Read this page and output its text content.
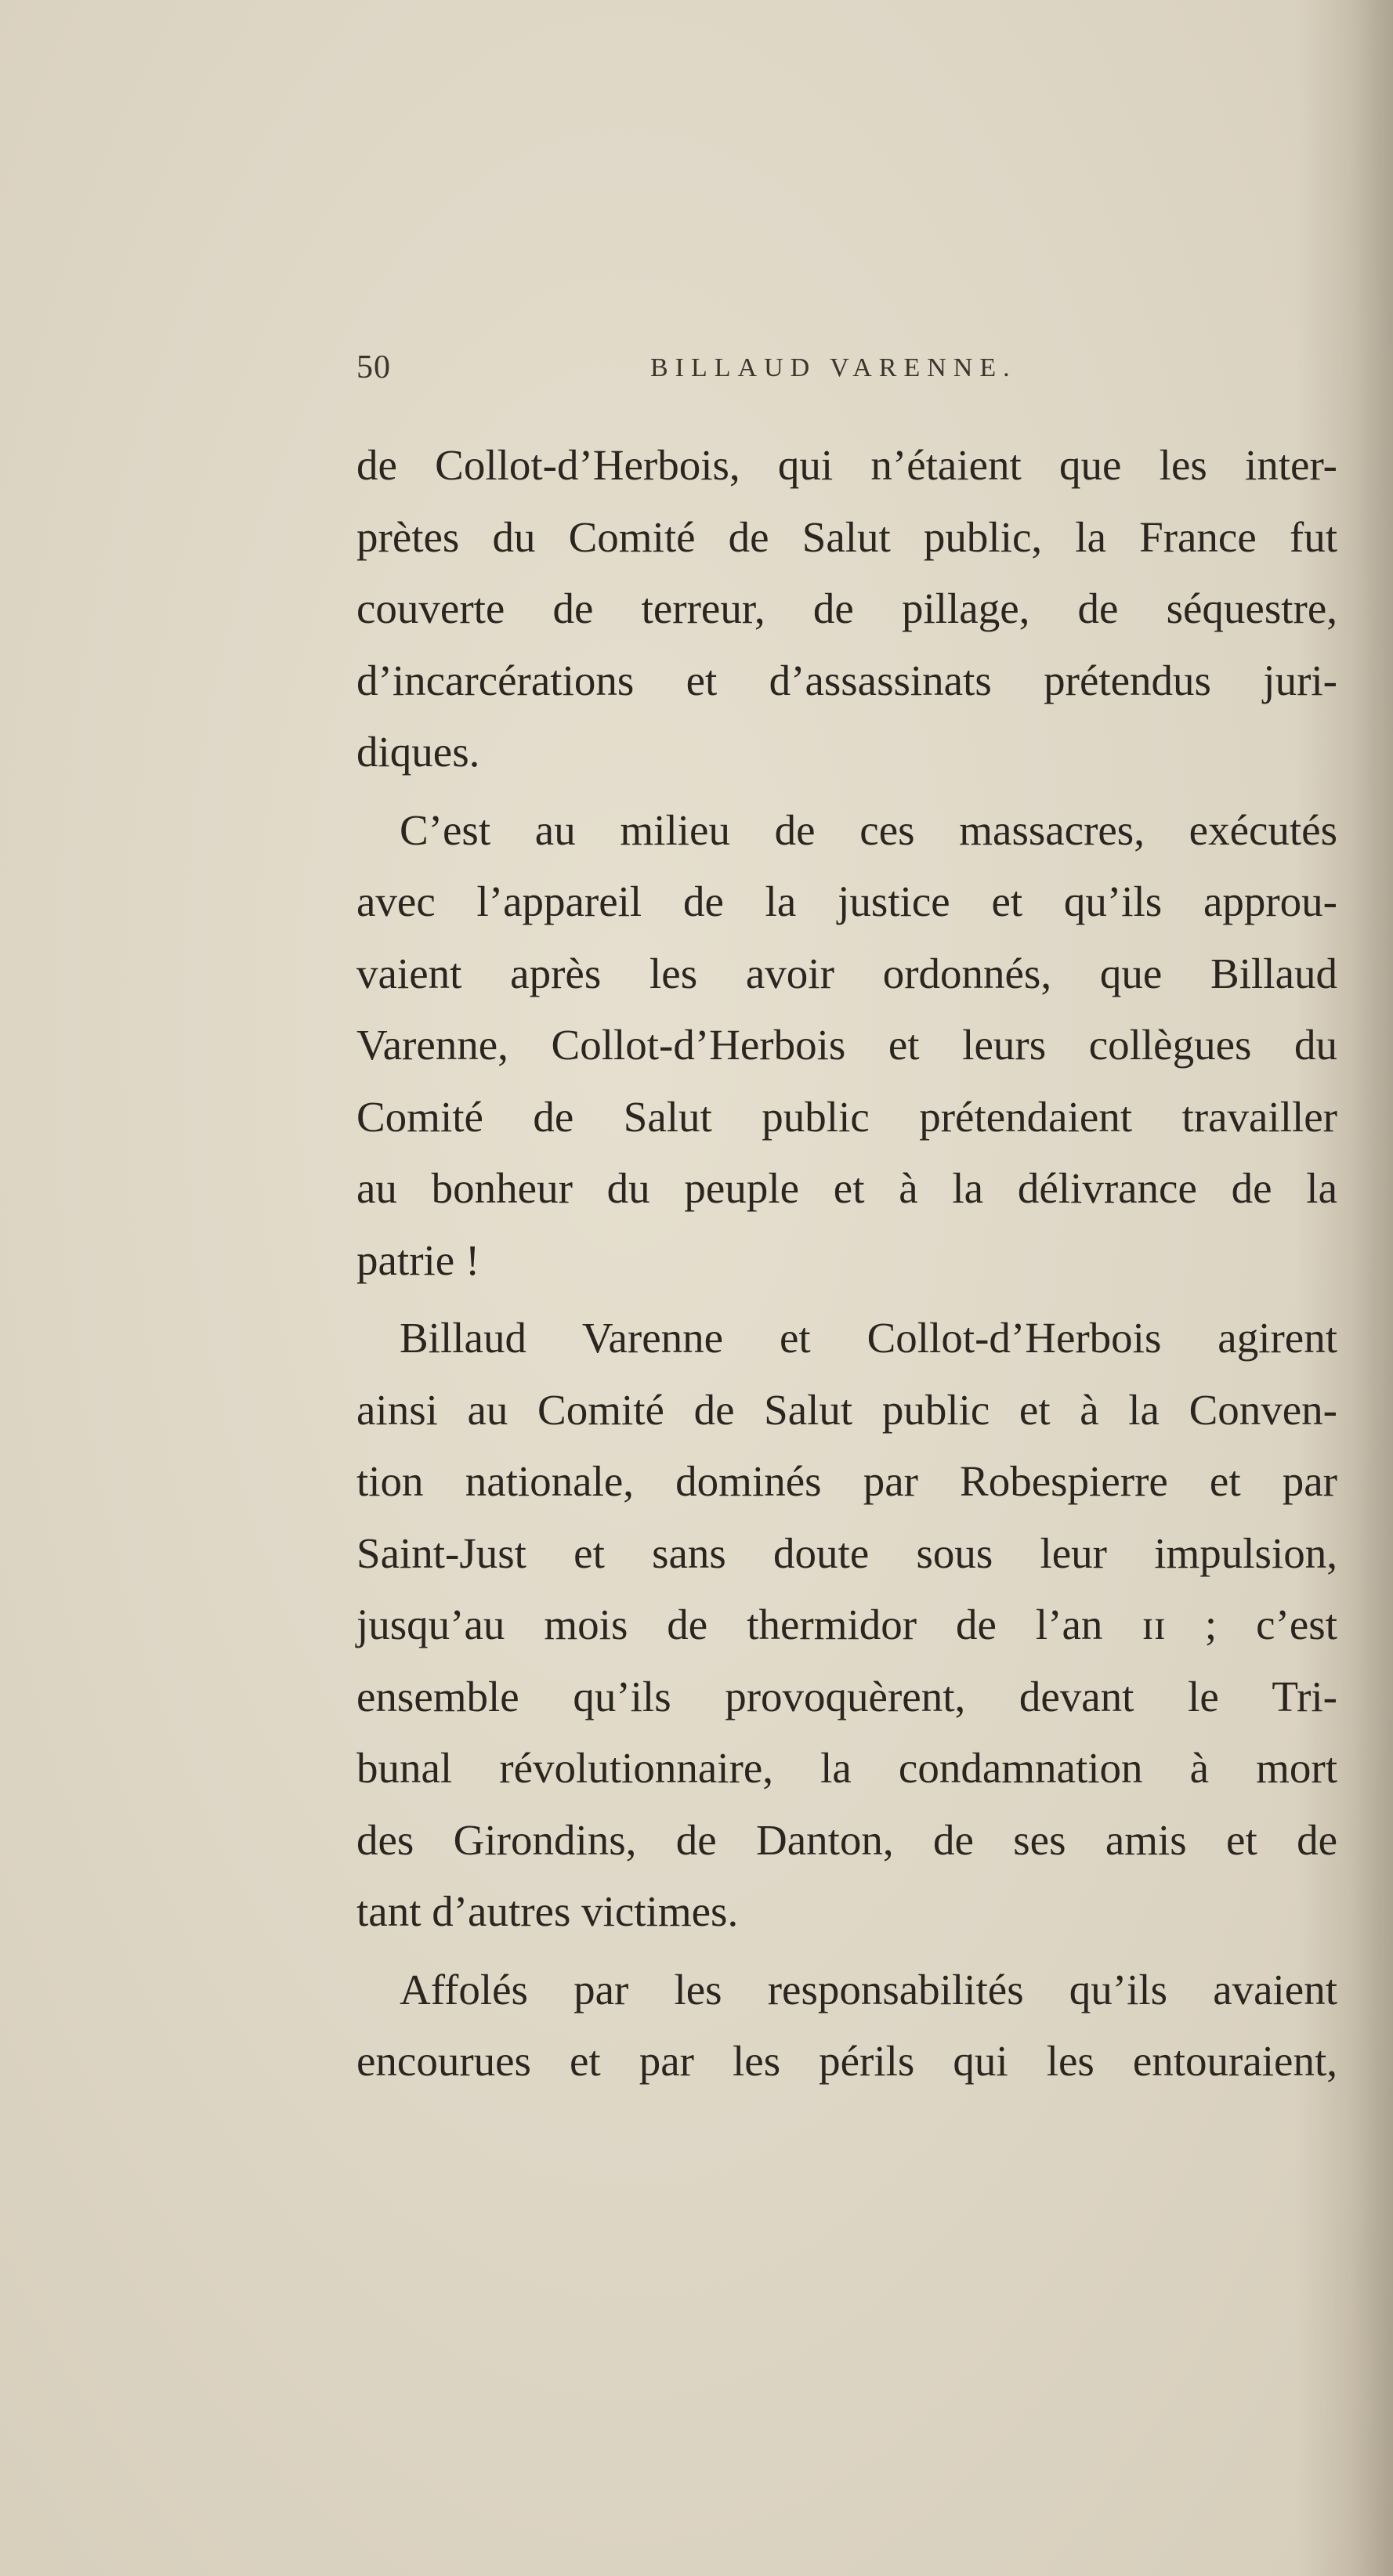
50	BILLAUD VARENNE.
de Collot-d’Herbois, qui n’étaient que les inter-
prètes du Comité de Salut public, la France fut
couverte de terreur, de pillage, de séquestre,
d’incarcérations et d’assassinats prétendus juri-
diques.
C’est au milieu de ces massacres, exécutés
avec l’appareil de la justice et qu’ils approu-
vaient après les avoir ordonnés, que Billaud
Varenne, Collot-d’Herbois et leurs collègues du
Comité de Salut public prétendaient travailler
au bonheur du peuple et à la délivrance de la
patrie !
Billaud Varenne et Collot-d’Herbois agirent
ainsi au Comité de Salut public et à la Conven-
tion nationale, dominés par Robespierre et par
Saint-Just et sans doute sous leur impulsion,
jusqu’au mois de thermidor de l’an ɪɪ ; c’est
ensemble qu’ils provoquèrent, devant le Tri-
bunal révolutionnaire, la condamnation à mort
des Girondins, de Danton, de ses amis et de
tant d’autres victimes.
Affolés par les responsabilités qu’ils avaient
encourues et par les périls qui les entouraient,
